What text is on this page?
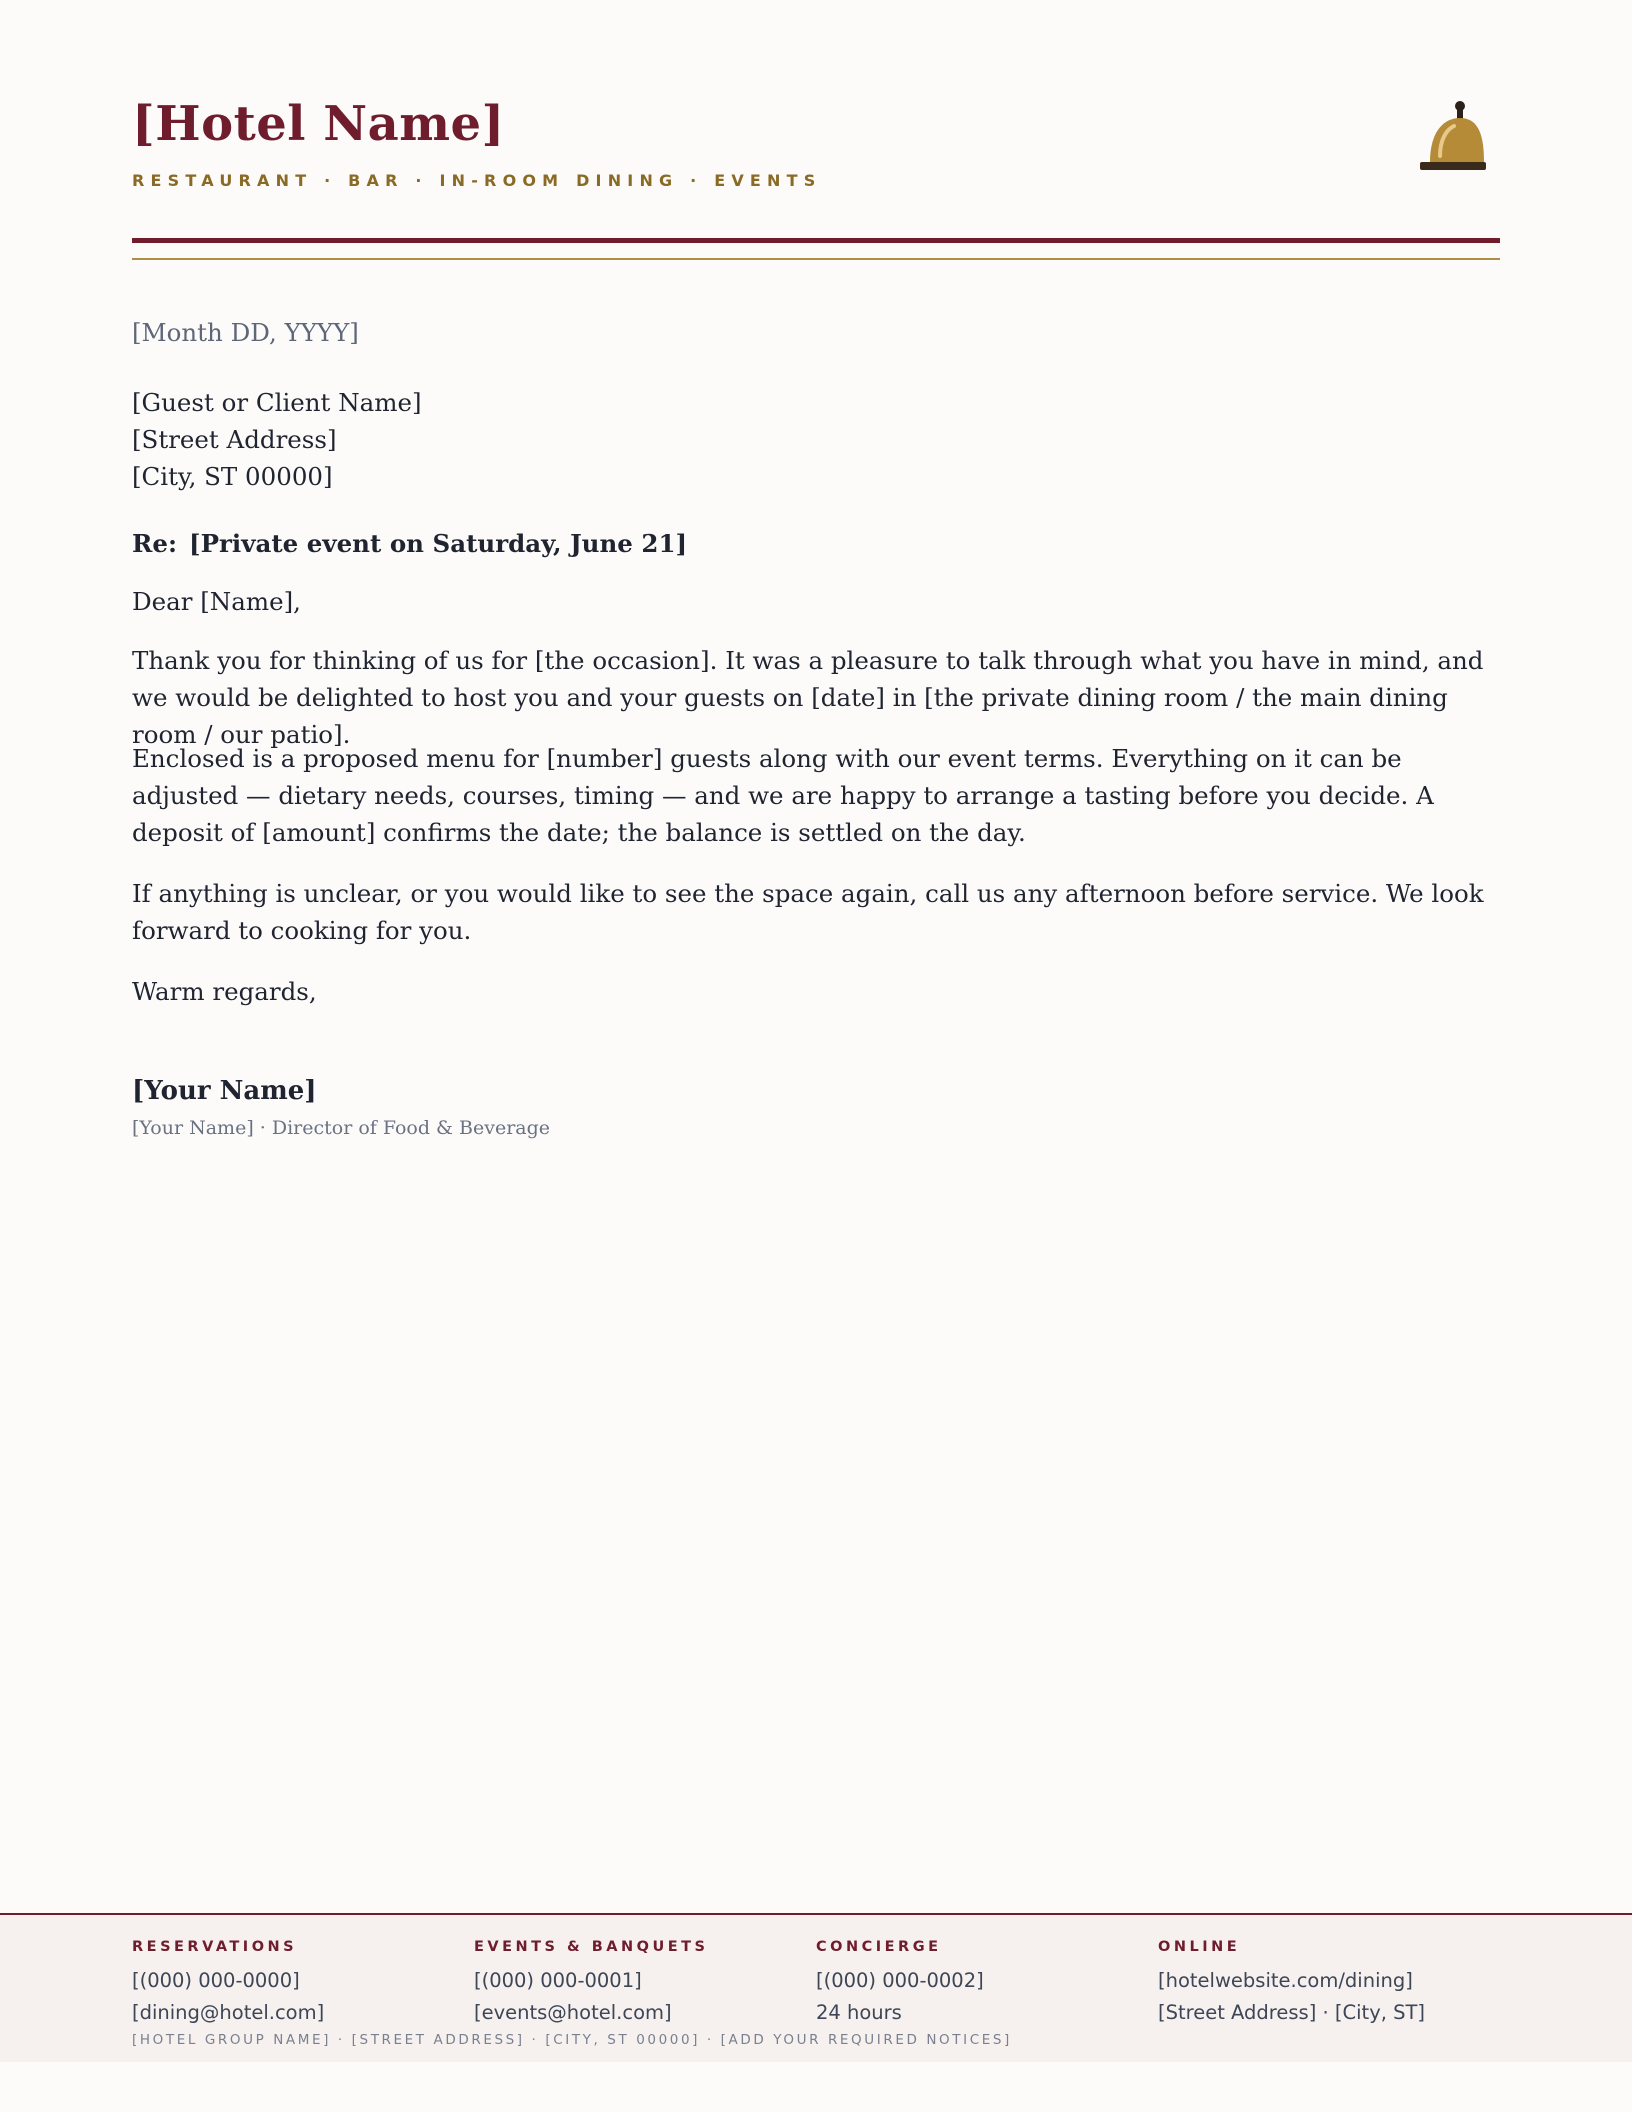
[Hotel Name]
RESTAURANT · BAR · IN-ROOM DINING · EVENTS
[Month DD, YYYY]
[Guest or Client Name]
[Street Address]
[City, ST 00000]
Re: [Private event on Saturday, June 21]
Dear [Name],
Thank you for thinking of us for [the occasion]. It was a pleasure to talk through what you have in mind, and we would be delighted to host you and your guests on [date] in [the private dining room / the main dining room / our patio].
Enclosed is a proposed menu for [number] guests along with our event terms. Everything on it can be adjusted — dietary needs, courses, timing — and we are happy to arrange a tasting before you decide. A deposit of [amount] confirms the date; the balance is settled on the day.
If anything is unclear, or you would like to see the space again, call us any afternoon before service. We look forward to cooking for you.
Warm regards,
[Your Name]
[Your Name] · Director of Food & Beverage
RESERVATIONS
[(000) 000-0000]
[dining@hotel.com]
EVENTS & BANQUETS
[(000) 000-0001]
[events@hotel.com]
CONCIERGE
[(000) 000-0002]
24 hours
ONLINE
[hotelwebsite.com/dining]
[Street Address] · [City, ST]
[HOTEL GROUP NAME] · [STREET ADDRESS] · [CITY, ST 00000] · [ADD YOUR REQUIRED NOTICES]
